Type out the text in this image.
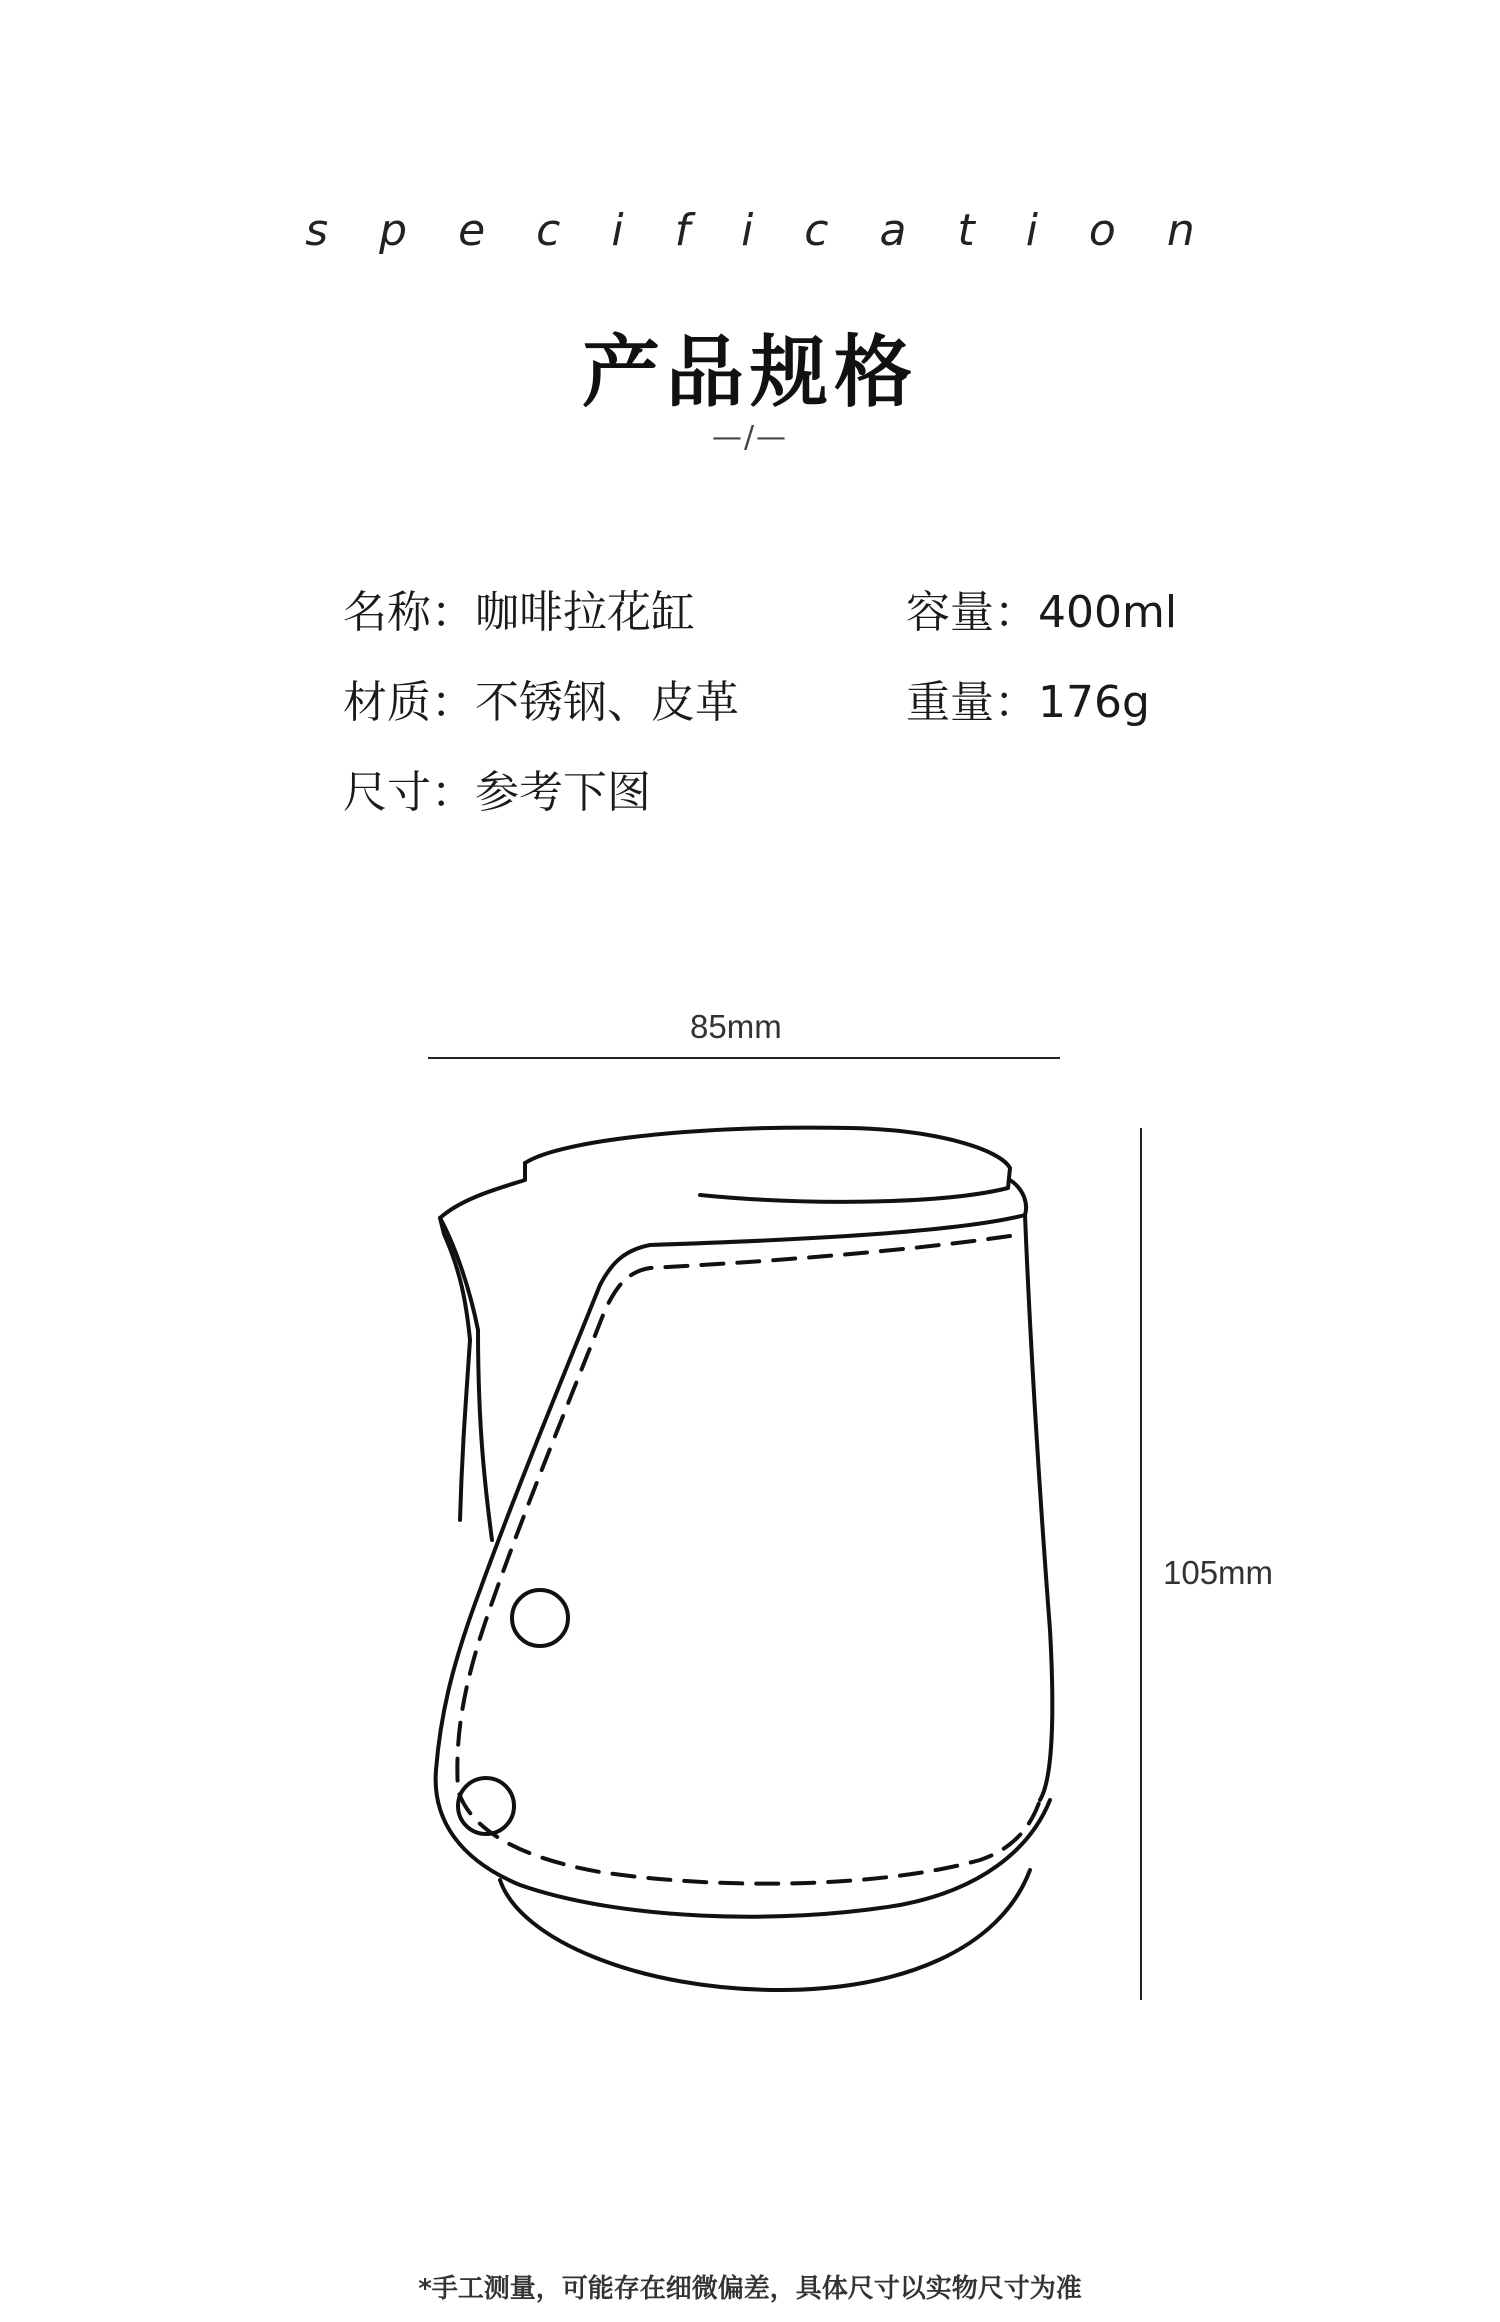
specification
产品规格
—/—
名称：咖啡拉花缸	容量：400ml
材质：不锈钢、皮革	重量：176g
尺寸：参考下图
85mm
105mm
*手工测量，可能存在细微偏差，具体尺寸以实物尺寸为准
